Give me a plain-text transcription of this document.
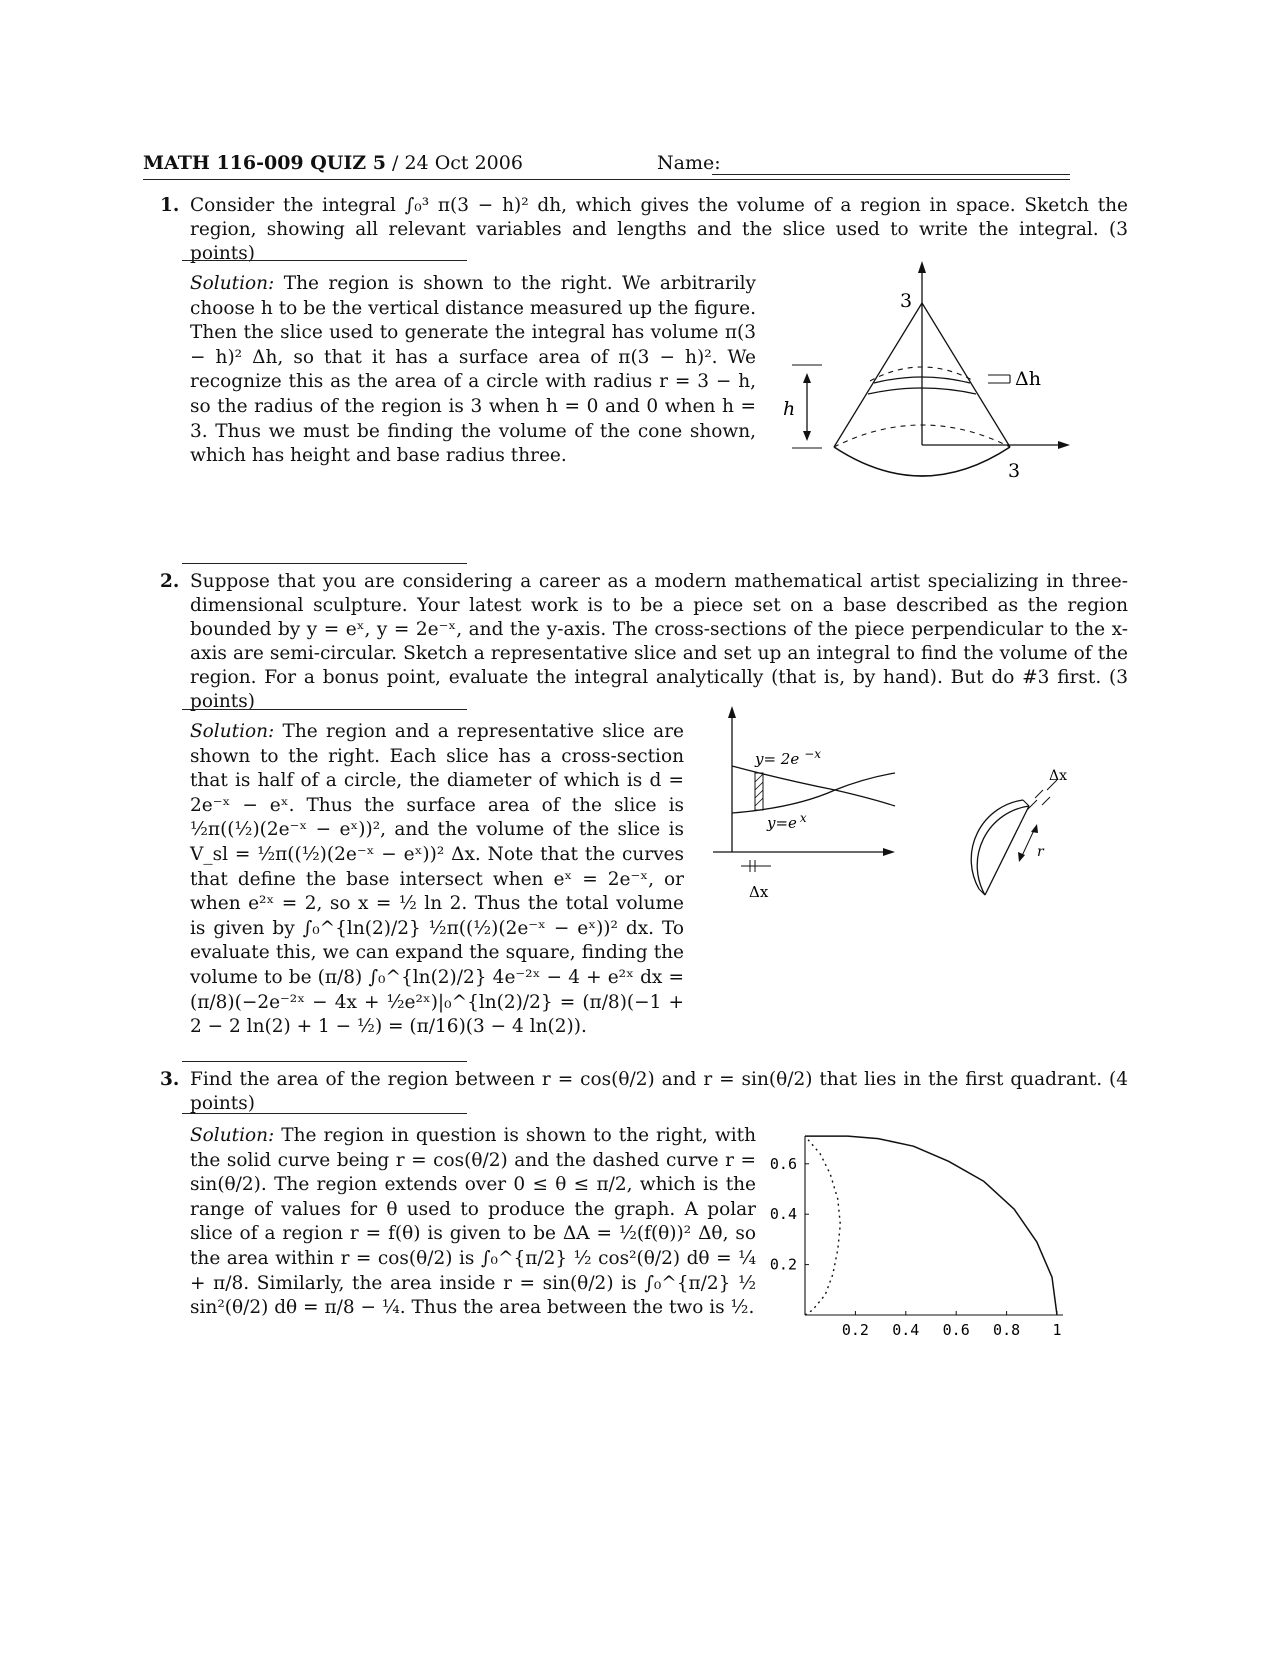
MATH 116-009 QUIZ 5 / 24 Oct 2006	Name:
1. Consider the integral ∫₀³ π(3 − h)² dh, which gives the volume of a region in space. Sketch the region, showing all relevant variables and lengths and the slice used to write the integral. (3 points)

Solution: The region is shown to the right. We arbitrarily choose h to be the vertical distance measured up the figure. Then the slice used to generate the integral has volume π(3 − h)² Δh, so that it has a surface area of π(3 − h)². We recognize this as the area of a circle with radius r = 3 − h, so the radius of the region is 3 when h = 0 and 0 when h = 3. Thus we must be finding the volume of the cone shown, which has height and base radius three.

Δh
3
3
h
2. Suppose that you are considering a career as a modern mathematical artist specializing in three-dimensional sculpture. Your latest work is to be a piece set on a base described as the region bounded by y = eˣ, y = 2e⁻ˣ, and the y-axis. The cross-sections of the piece perpendicular to the x-axis are semi-circular. Sketch a representative slice and set up an integral to find the volume of the region. For a bonus point, evaluate the integral analytically (that is, by hand). But do #3 first. (3 points)

Solution: The region and a representative slice are shown to the right. Each slice has a cross-section that is half of a circle, the diameter of which is d = 2e⁻ˣ − eˣ. Thus the surface area of the slice is ½π((½)(2e⁻ˣ − eˣ))², and the volume of the slice is V_sl = ½π((½)(2e⁻ˣ − eˣ))² Δx. Note that the curves that define the base intersect when eˣ = 2e⁻ˣ, or when e²ˣ = 2, so x = ½ ln 2. Thus the total volume is given by ∫₀^{ln(2)/2} ½π((½)(2e⁻ˣ − eˣ))² dx. To evaluate this, we can expand the square, finding the volume to be (π/8) ∫₀^{ln(2)/2} 4e⁻²ˣ − 4 + e²ˣ dx = (π/8)(−2e⁻²ˣ − 4x + ½e²ˣ)|₀^{ln(2)/2} = (π/8)(−1 + 2 − 2 ln(2) + 1 − ½) = (π/16)(3 − 4 ln(2)).

y= 2e $^{-x}$
y=e $^x$
Δx
Δx
r
3. Find the area of the region between r = cos(θ/2) and r = sin(θ/2) that lies in the first quadrant. (4 points)

Solution: The region in question is shown to the right, with the solid curve being r = cos(θ/2) and the dashed curve r = sin(θ/2). The region extends over 0 ≤ θ ≤ π/2, which is the range of values for θ used to produce the graph. A polar slice of a region r = f(θ) is given to be ΔA = ½(f(θ))² Δθ, so the area within r = cos(θ/2) is ∫₀^{π/2} ½ cos²(θ/2) dθ = ¼ + π/8. Similarly, the area inside r = sin(θ/2) is ∫₀^{π/2} ½ sin²(θ/2) dθ = π/8 − ¼. Thus the area between the two is ½.

0.2 0.4 0.6 0.8 1
0.2
0.4
0.6
